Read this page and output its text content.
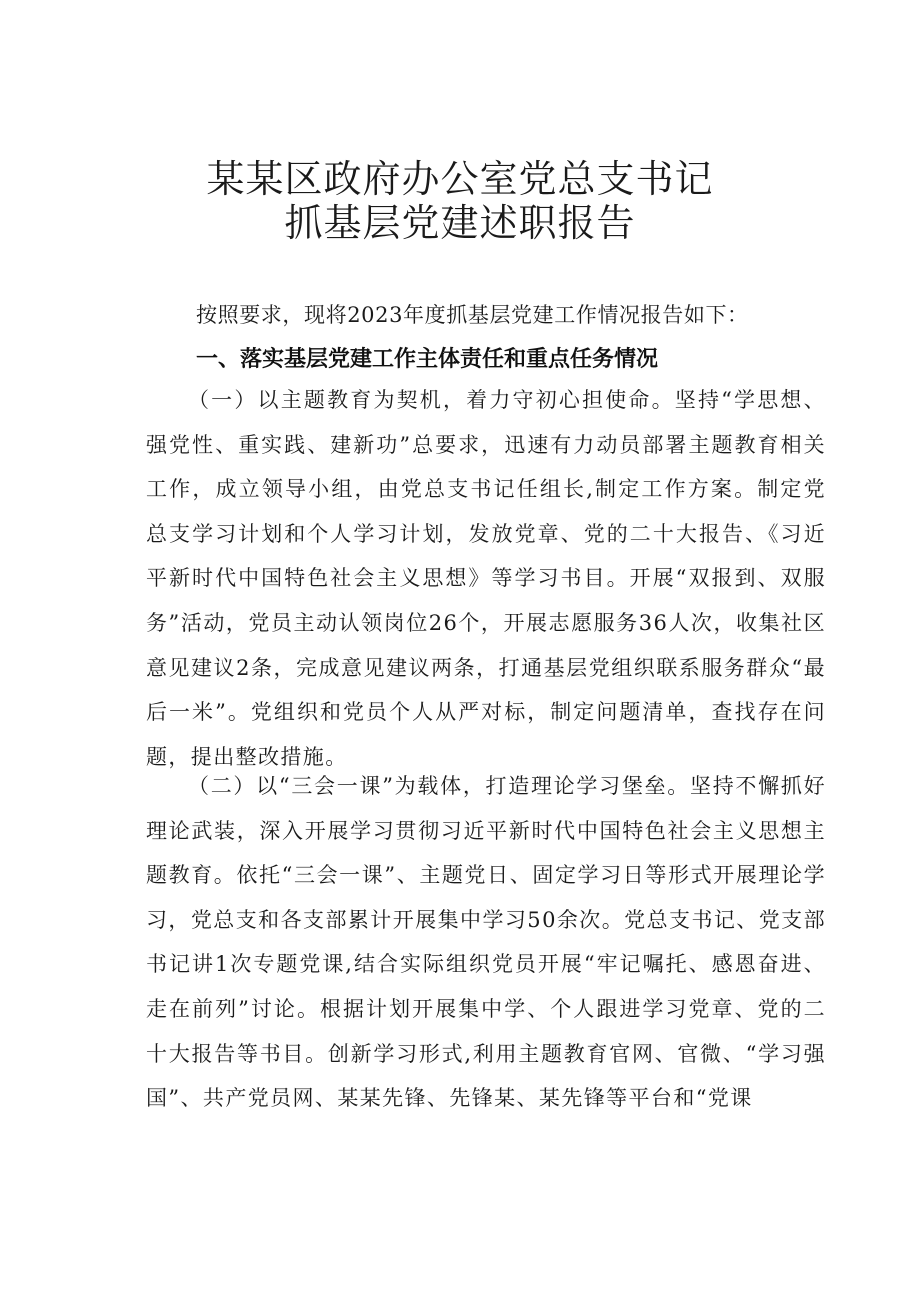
某某区政府办公室党总支书记
抓基层党建述职报告
按照要求，现将2023年度抓基层党建工作情况报告如下：
一、落实基层党建工作主体责任和重点任务情况
（一）以主题教育为契机，着力守初心担使命。坚持“学思想、强党性、重实践、建新功”总要求，迅速有力动员部署主题教育相关工作，成立领导小组，由党总支书记任组长,制定工作方案。制定党总支学习计划和个人学习计划，发放党章、党的二十大报告、《习近平新时代中国特色社会主义思想》等学习书目。开展“双报到、双服务”活动，党员主动认领岗位26个，开展志愿服务36人次，收集社区意见建议2条，完成意见建议两条，打通基层党组织联系服务群众“最后一米”。党组织和党员个人从严对标，制定问题清单，查找存在问题，提出整改措施。
（二）以“三会一课”为载体，打造理论学习堡垒。坚持不懈抓好理论武装，深入开展学习贯彻习近平新时代中国特色社会主义思想主题教育。依托“三会一课”、主题党日、固定学习日等形式开展理论学习，党总支和各支部累计开展集中学习50余次。党总支书记、党支部书记讲1次专题党课,结合实际组织党员开展“牢记嘱托、感恩奋进、走在前列”讨论。根据计划开展集中学、个人跟进学习党章、党的二十大报告等书目。创新学习形式,利用主题教育官网、官微、“学习强国”、共产党员网、某某先锋、先锋某、某先锋等平台和“党课
